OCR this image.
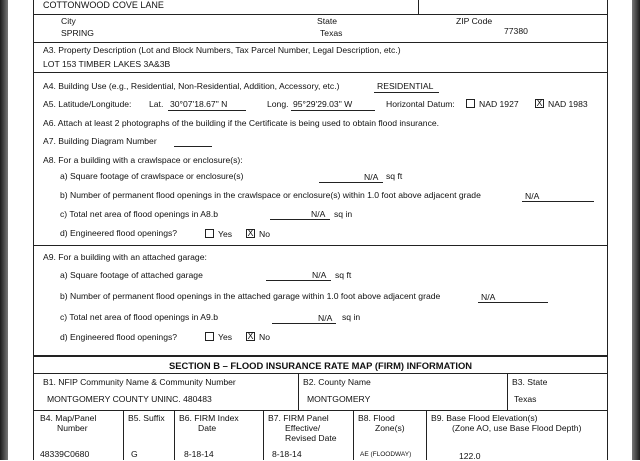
COTTONWOOD COVE LANE
City
SPRING
State
Texas
ZIP Code
77380
A3. Property Description (Lot and Block Numbers, Tax Parcel Number, Legal Description, etc.)
LOT 153 TIMBER LAKES 3A&3B
A4. Building Use (e.g., Residential, Non-Residential, Addition, Accessory, etc.)	RESIDENTIAL
A5. Latitude/Longitude: Lat. 30°07'18.67" N	Long. 95°29'29.03" W	Horizontal Datum:	NAD 1927 X NAD 1983
A6. Attach at least 2 photographs of the building if the Certificate is being used to obtain flood insurance.
A7. Building Diagram Number
A8. For a building with a crawlspace or enclosure(s):
a) Square footage of crawlspace or enclosure(s)	N/A sq ft
b) Number of permanent flood openings in the crawlspace or enclosure(s) within 1.0 foot above adjacent grade	N/A
c) Total net area of flood openings in A8.b	N/A sq in
d) Engineered flood openings?	Yes X No
A9. For a building with an attached garage:
a) Square footage of attached garage	N/A sq ft
b) Number of permanent flood openings in the attached garage within 1.0 foot above adjacent grade	N/A
c) Total net area of flood openings in A9.b	N/A sq in
d) Engineered flood openings?	Yes X No
SECTION B – FLOOD INSURANCE RATE MAP (FIRM) INFORMATION
B1. NFIP Community Name & Community Number
MONTGOMERY COUNTY UNINC. 480483
B2. County Name
MONTGOMERY
B3. State
Texas
B4. Map/Panel
Number
48339C0680
B5. Suffix
G
B6. FIRM Index
Date
8-18-14
B7. FIRM Panel
Effective/
Revised Date
8-18-14
B8. Flood
Zone(s)
AE (FLOODWAY)
B9. Base Flood Elevation(s)
(Zone AO, use Base Flood Depth)
122.0
